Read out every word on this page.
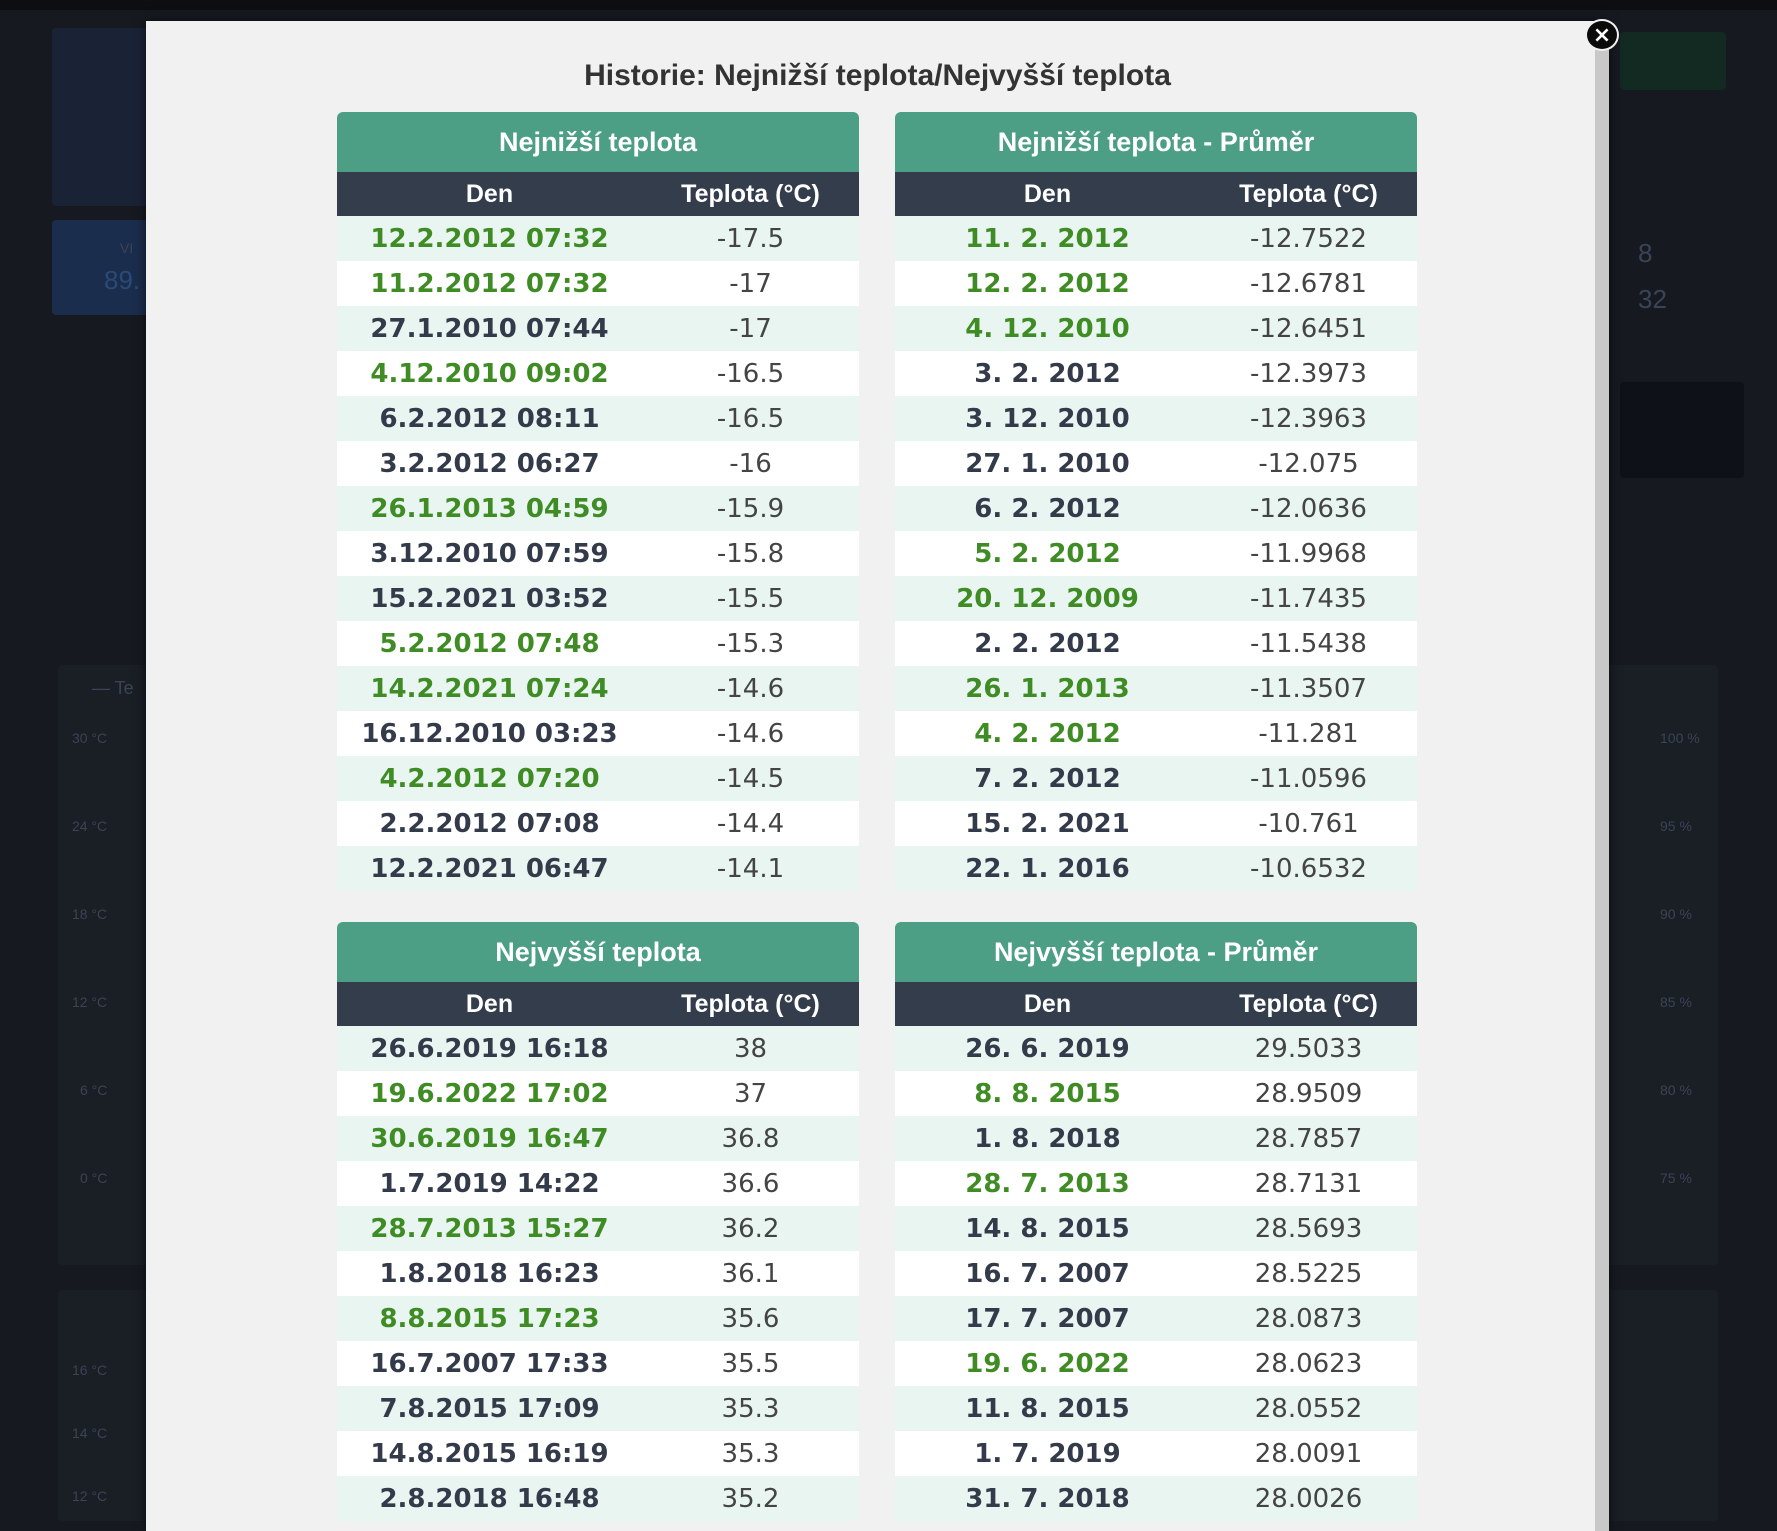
VI
89.
8
32
— Te
30 °C
24 °C
18 °C
12 °C
6 °C
0 °C
16 °C
14 °C
12 °C
100 %
95 %
90 %
85 %
80 %
75 %
Historie: Nejnižší teplota/Nejvyšší teplota
Nejnižší teplota
Den	Teplota (°C)
12.2.2012 07:32	-17.5
11.2.2012 07:32	-17
27.1.2010 07:44	-17
4.12.2010 09:02	-16.5
6.2.2012 08:11	-16.5
3.2.2012 06:27	-16
26.1.2013 04:59	-15.9
3.12.2010 07:59	-15.8
15.2.2021 03:52	-15.5
5.2.2012 07:48	-15.3
14.2.2021 07:24	-14.6
16.12.2010 03:23	-14.6
4.2.2012 07:20	-14.5
2.2.2012 07:08	-14.4
12.2.2021 06:47	-14.1
Nejnižší teplota - Průměr
Den	Teplota (°C)
11. 2. 2012	-12.7522
12. 2. 2012	-12.6781
4. 12. 2010	-12.6451
3. 2. 2012	-12.3973
3. 12. 2010	-12.3963
27. 1. 2010	-12.075
6. 2. 2012	-12.0636
5. 2. 2012	-11.9968
20. 12. 2009	-11.7435
2. 2. 2012	-11.5438
26. 1. 2013	-11.3507
4. 2. 2012	-11.281
7. 2. 2012	-11.0596
15. 2. 2021	-10.761
22. 1. 2016	-10.6532
Nejvyšší teplota
Den	Teplota (°C)
26.6.2019 16:18	38
19.6.2022 17:02	37
30.6.2019 16:47	36.8
1.7.2019 14:22	36.6
28.7.2013 15:27	36.2
1.8.2018 16:23	36.1
8.8.2015 17:23	35.6
16.7.2007 17:33	35.5
7.8.2015 17:09	35.3
14.8.2015 16:19	35.3
2.8.2018 16:48	35.2
Nejvyšší teplota - Průměr
Den	Teplota (°C)
26. 6. 2019	29.5033
8. 8. 2015	28.9509
1. 8. 2018	28.7857
28. 7. 2013	28.7131
14. 8. 2015	28.5693
16. 7. 2007	28.5225
17. 7. 2007	28.0873
19. 6. 2022	28.0623
11. 8. 2015	28.0552
1. 7. 2019	28.0091
31. 7. 2018	28.0026
×
